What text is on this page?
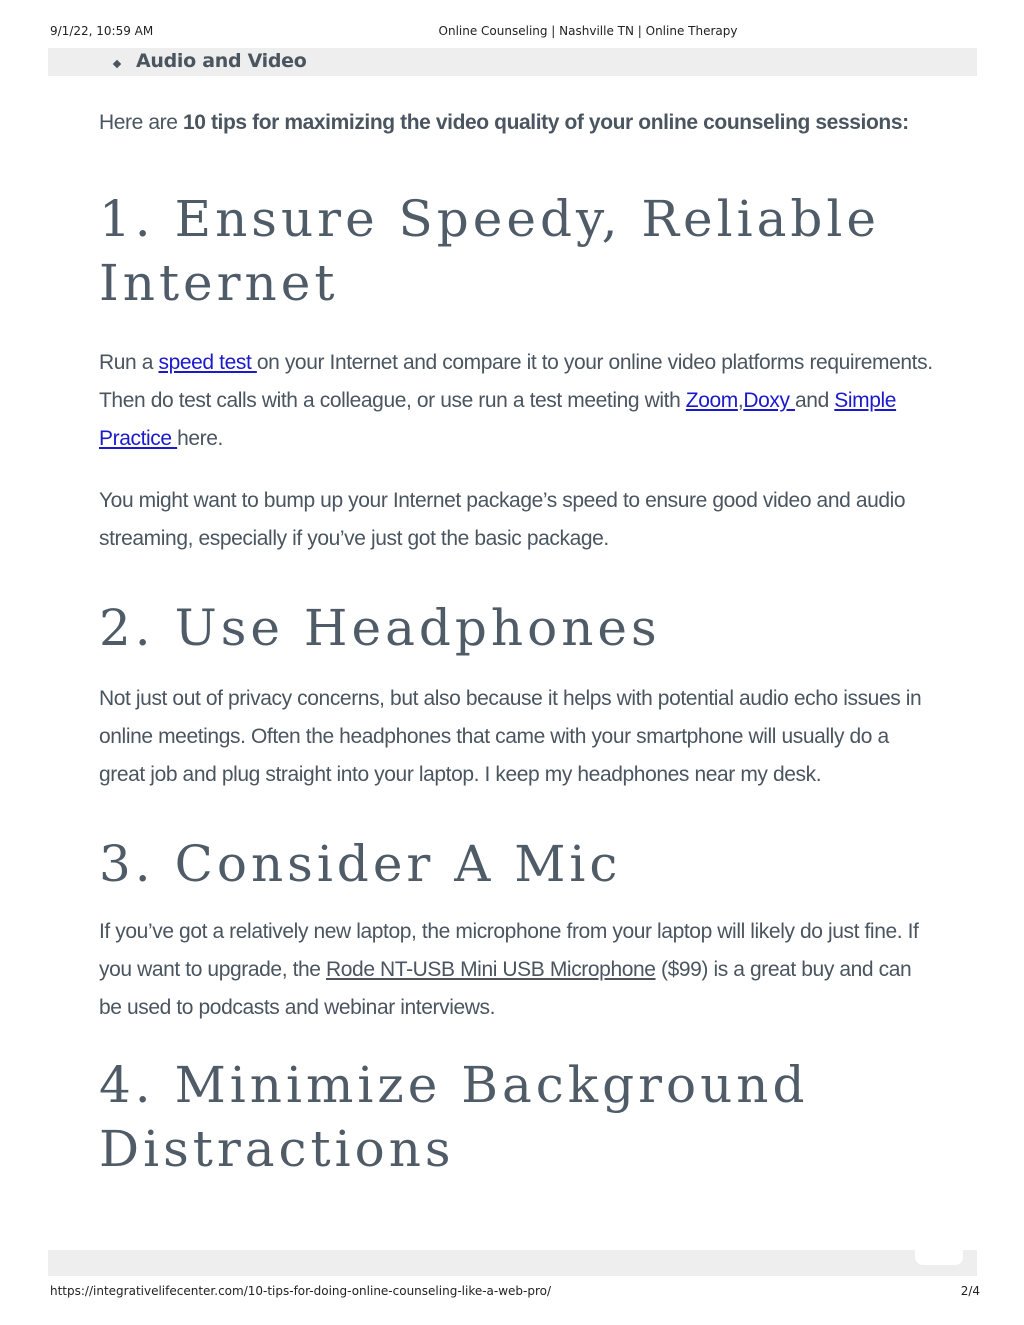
9/1/22, 10:59 AM	Online Counseling | Nashville TN | Online Therapy
Audio and Video

Here are 10 tips for maximizing the video quality of your online counseling sessions:

1. Ensure Speedy, Reliable Internet

Run a speed test on your Internet and compare it to your online video platforms requirements. Then do test calls with a colleague, or use run a test meeting with Zoom,Doxy and Simple Practice here.

You might want to bump up your Internet package’s speed to ensure good video and audio streaming, especially if you’ve just got the basic package.

2. Use Headphones

Not just out of privacy concerns, but also because it helps with potential audio echo issues in online meetings. Often the headphones that came with your smartphone will usually do a great job and plug straight into your laptop. I keep my headphones near my desk.

3. Consider A Mic

If you’ve got a relatively new laptop, the microphone from your laptop will likely do just fine. If you want to upgrade, the Rode NT-USB Mini USB Microphone ($99) is a great buy and can be used to podcasts and webinar interviews.

4. Minimize Background Distractions
https://integrativelifecenter.com/10-tips-for-doing-online-counseling-like-a-web-pro/	2/4
